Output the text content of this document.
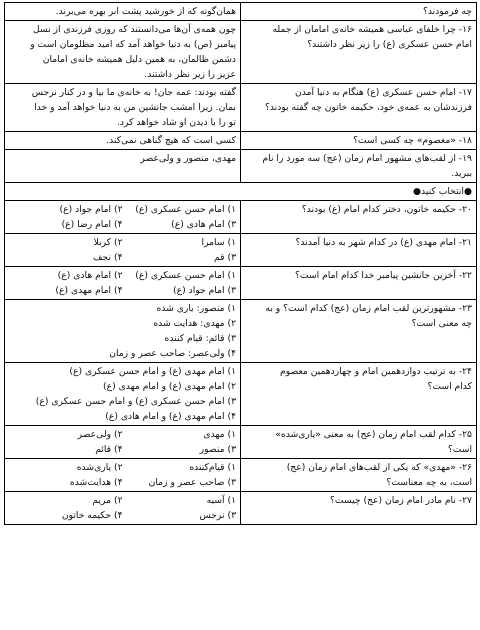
چه فرمودند؟	همان‌گونه که از خورشید پشت ابر بهره می‌برند.

۱۶- چرا خلفای عباسی همیشه خانه‌ی امامان از جمله
امام حسن عسکری (ع) را زیر نظر داشتند؟	چون همه‌ی آن‌ها می‌دانستند که روزی فرزندی از نسل
پیامبر (ص) به دنیا خواهد آمد که امید مظلومان است و
دشمن ظالمان، به همین دلیل همیشه خانه‌ی امامان
عزیز را زیر نظر داشتند.

۱۷- امام حسن عسکری (ع) هنگام به دنیا آمدن
فرزندشان به عمه‌ی خود، حکیمه خاتون چه گفته بودند؟	گفته بودند: عمه جان! به خانه‌ی ما بیا و در کنار نرجس
بمان. زیرا امشب جانشین من به دنیا خواهد آمد و خدا
تو را با دیدن او شاد خواهد کرد.

۱۸- «معصوم» چه کسی است؟	کسی است که هیچ گناهی نمی‌کند.

۱۹- از لقب‌های مشهور امام زمان (عج) سه مورد را نام
ببرید.	مهدی، منصور و ولی‌عصر

●انتخاب کنید●	

۲۰- حکیمه خاتون، دختر کدام امام (ع) بودند؟	۱) امام حسن عسکری (ع)
۲) امام جواد (ع)
۳) امام هادی (ع)
۴) امام رضا (ع)

۲۱- امام مهدی (ع) در کدام شهر به دنیا آمدند؟	۱) سامرا
۲) کربلا
۳) قم
۴) نجف

۲۲- آخرین جانشین پیامبر خدا کدام امام است؟	۱) امام حسن عسکری (ع)
۲) امام هادی (ع)
۳) امام جواد (ع)
۴) امام مهدی (ع)

۲۳- مشهورترین لقب امام زمان (عج) کدام است؟ و به
چه معنی است؟	۱) منصور: یاری شده
۲) مهدی: هدایت شده
۳) قائم: قیام کننده
۴) ولی‌عصر: صاحب عصر و زمان

۲۴- به ترتیب دوازدهمین امام و چهاردهمین معصوم
کدام است؟	۱) امام مهدی (ع) و امام حسن عسکری (ع)
۲) امام مهدی (ع) و امام مهدی (ع)
۳) امام حسن عسکری (ع) و امام حسن عسکری (ع)
۴) امام مهدی (ع) و امام هادی (ع)

۲۵- کدام لقب امام زمان (عج) به معنی «یاری‌شده»
است؟	۱) مهدی
۲) ولی‌عصر
۳) منصور
۴) قائم

۲۶- «مهدی» که یکی از لقب‌های امام زمان (عج)
است، به چه معناست؟	۱) قیام‌کننده
۲) یاری‌شده
۳) صاحب عصر و زمان
۴) هدایت‌شده

۲۷- نام مادر امام زمان (عج) چیست؟	۱) آسیه
۲) مریم
۳) نرجس
۴) حکیمه خاتون
